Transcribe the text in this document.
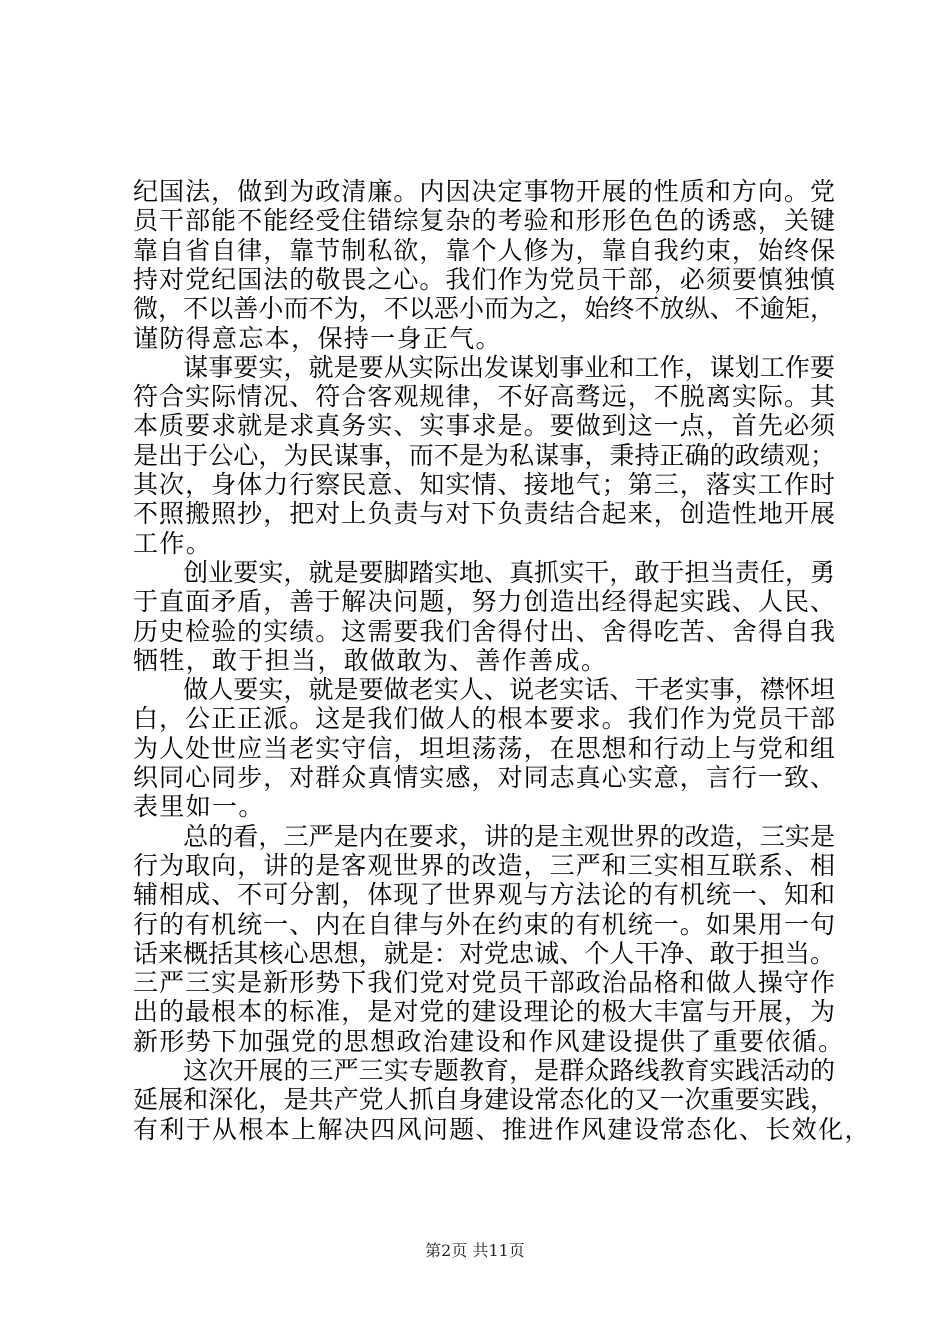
纪国法，做到为政清廉。内因决定事物开展的性质和方向。党
员干部能不能经受住错综复杂的考验和形形色色的诱惑，关键
靠自省自律，靠节制私欲，靠个人修为，靠自我约束，始终保
持对党纪国法的敬畏之心。我们作为党员干部，必须要慎独慎
微，不以善小而不为，不以恶小而为之，始终不放纵、不逾矩，
谨防得意忘本，保持一身正气。
　　谋事要实，就是要从实际出发谋划事业和工作，谋划工作要
符合实际情况、符合客观规律，不好高骛远，不脱离实际。其
本质要求就是求真务实、实事求是。要做到这一点，首先必须
是出于公心，为民谋事，而不是为私谋事，秉持正确的政绩观；
其次，身体力行察民意、知实情、接地气；第三，落实工作时
不照搬照抄，把对上负责与对下负责结合起来，创造性地开展
工作。
　　创业要实，就是要脚踏实地、真抓实干，敢于担当责任，勇
于直面矛盾，善于解决问题，努力创造出经得起实践、人民、
历史检验的实绩。这需要我们舍得付出、舍得吃苦、舍得自我
牺牲，敢于担当，敢做敢为、善作善成。
　　做人要实，就是要做老实人、说老实话、干老实事，襟怀坦
白，公正正派。这是我们做人的根本要求。我们作为党员干部
为人处世应当老实守信，坦坦荡荡，在思想和行动上与党和组
织同心同步，对群众真情实感，对同志真心实意，言行一致、
表里如一。
　　总的看，三严是内在要求，讲的是主观世界的改造，三实是
行为取向，讲的是客观世界的改造，三严和三实相互联系、相
辅相成、不可分割，体现了世界观与方法论的有机统一、知和
行的有机统一、内在自律与外在约束的有机统一。如果用一句
话来概括其核心思想，就是：对党忠诚、个人干净、敢于担当。
三严三实是新形势下我们党对党员干部政治品格和做人操守作
出的最根本的标准，是对党的建设理论的极大丰富与开展，为
新形势下加强党的思想政治建设和作风建设提供了重要依循。
　　这次开展的三严三实专题教育，是群众路线教育实践活动的
延展和深化，是共产党人抓自身建设常态化的又一次重要实践，
有利于从根本上解决四风问题、推进作风建设常态化、长效化，
第2页 共11页
